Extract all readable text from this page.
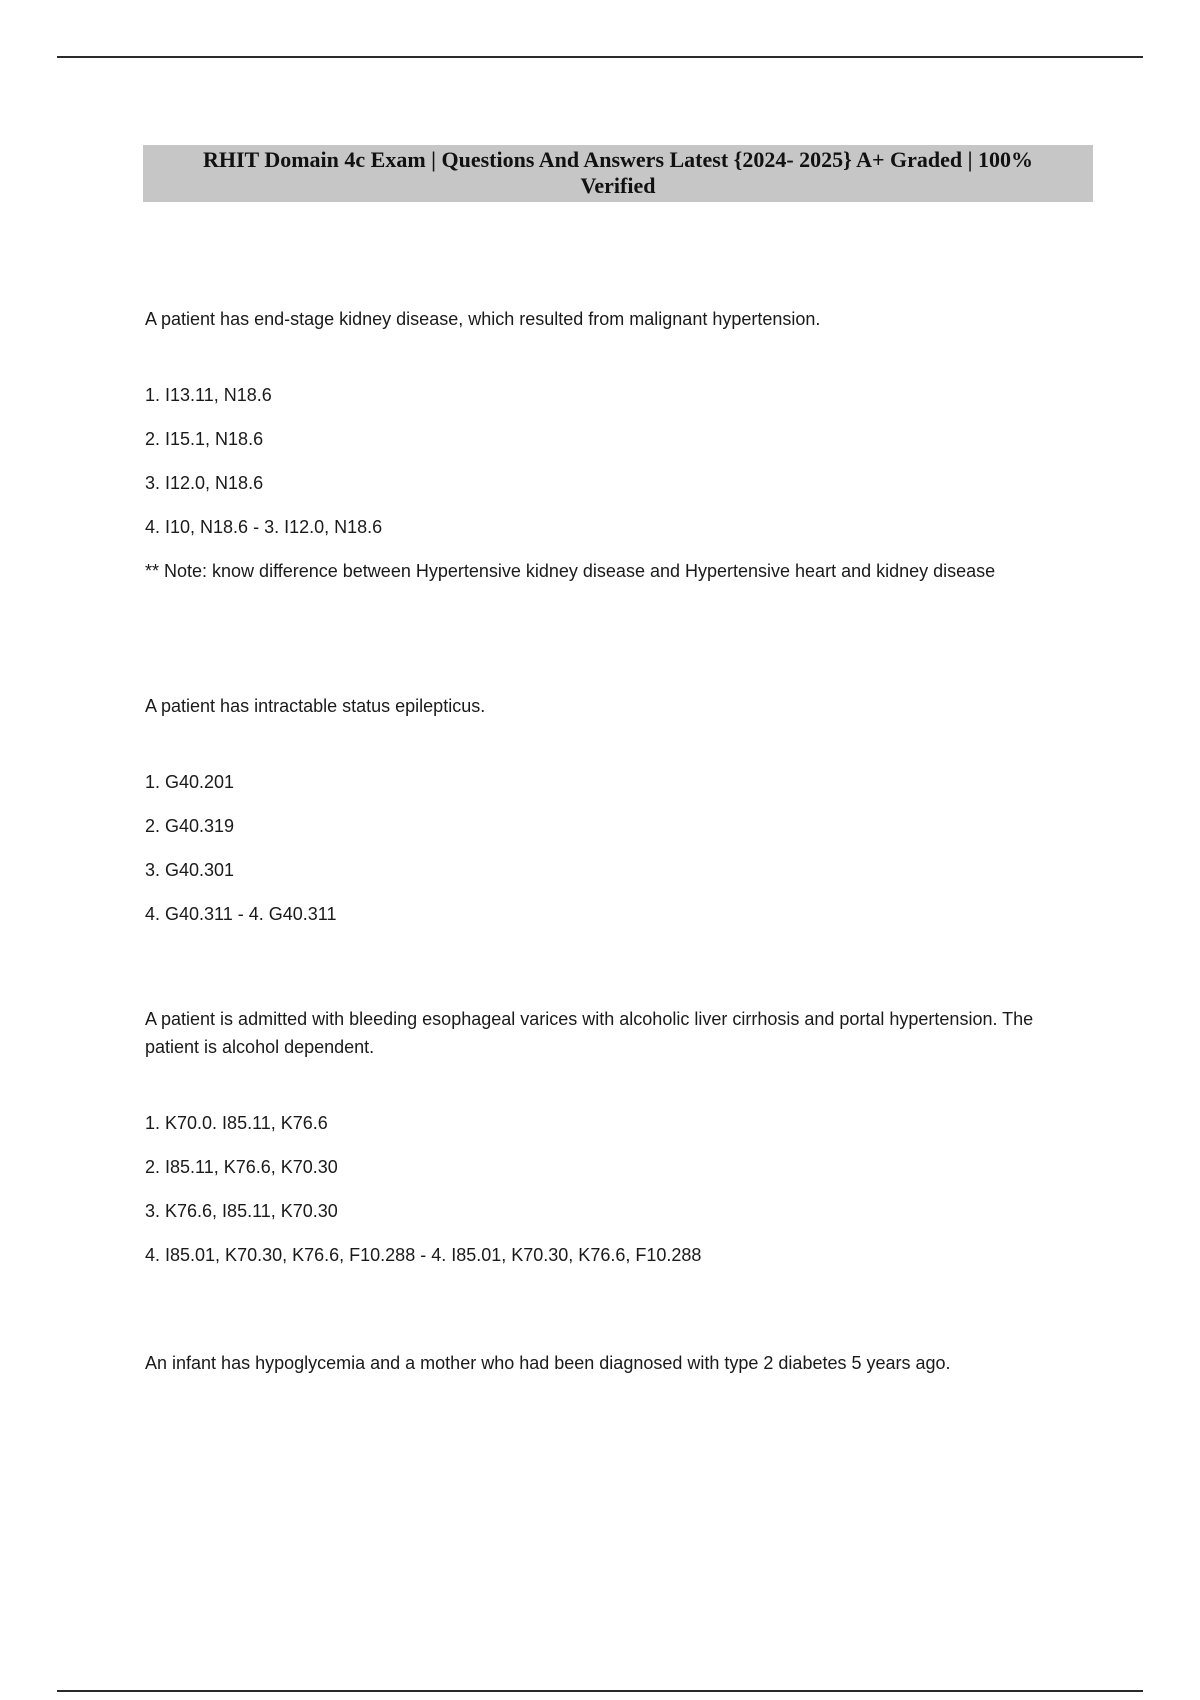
RHIT Domain 4c Exam | Questions And Answers Latest {2024- 2025} A+ Graded | 100% Verified

A patient has end-stage kidney disease, which resulted from malignant hypertension.

1. I13.11, N18.6
2. I15.1, N18.6
3. I12.0, N18.6
4. I10, N18.6 - 3. I12.0, N18.6

** Note: know difference between Hypertensive kidney disease and Hypertensive heart and kidney disease

A patient has intractable status epilepticus.

1. G40.201
2. G40.319
3. G40.301
4. G40.311 - 4. G40.311

A patient is admitted with bleeding esophageal varices with alcoholic liver cirrhosis and portal hypertension. The patient is alcohol dependent.

1. K70.0. I85.11, K76.6
2. I85.11, K76.6, K70.30
3. K76.6, I85.11, K70.30
4. I85.01, K70.30, K76.6, F10.288 - 4. I85.01, K70.30, K76.6, F10.288

An infant has hypoglycemia and a mother who had been diagnosed with type 2 diabetes 5 years ago.
